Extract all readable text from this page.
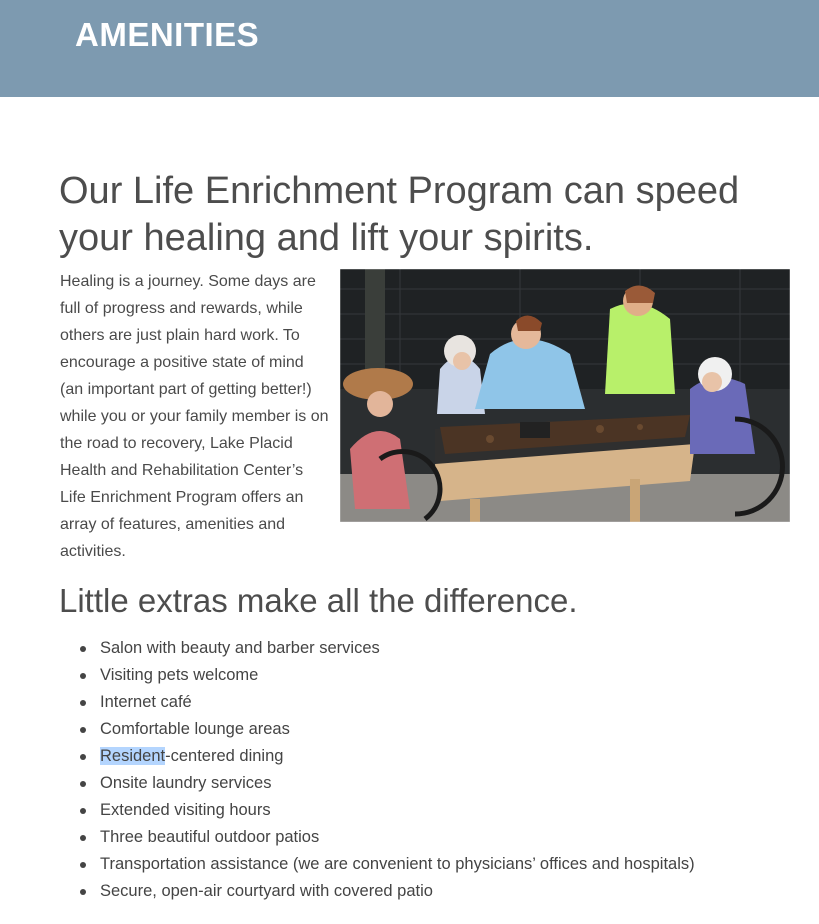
AMENITIES
Our Life Enrichment Program can speed your healing and lift your spirits.

Healing is a journey. Some days are full of progress and rewards, while others are just plain hard work. To encourage a positive state of mind (an important part of getting better!) while you or your family member is on the road to recovery, Lake Placid Health and Rehabilitation Center’s Life Enrichment Program offers an array of features, amenities and activities.

Little extras make all the difference.
Salon with beauty and barber services
Visiting pets welcome
Internet café
Comfortable lounge areas
Resident-centered dining
Onsite laundry services
Extended visiting hours
Three beautiful outdoor patios
Transportation assistance (we are convenient to physicians’ offices and hospitals)
Secure, open-air courtyard with covered patio
